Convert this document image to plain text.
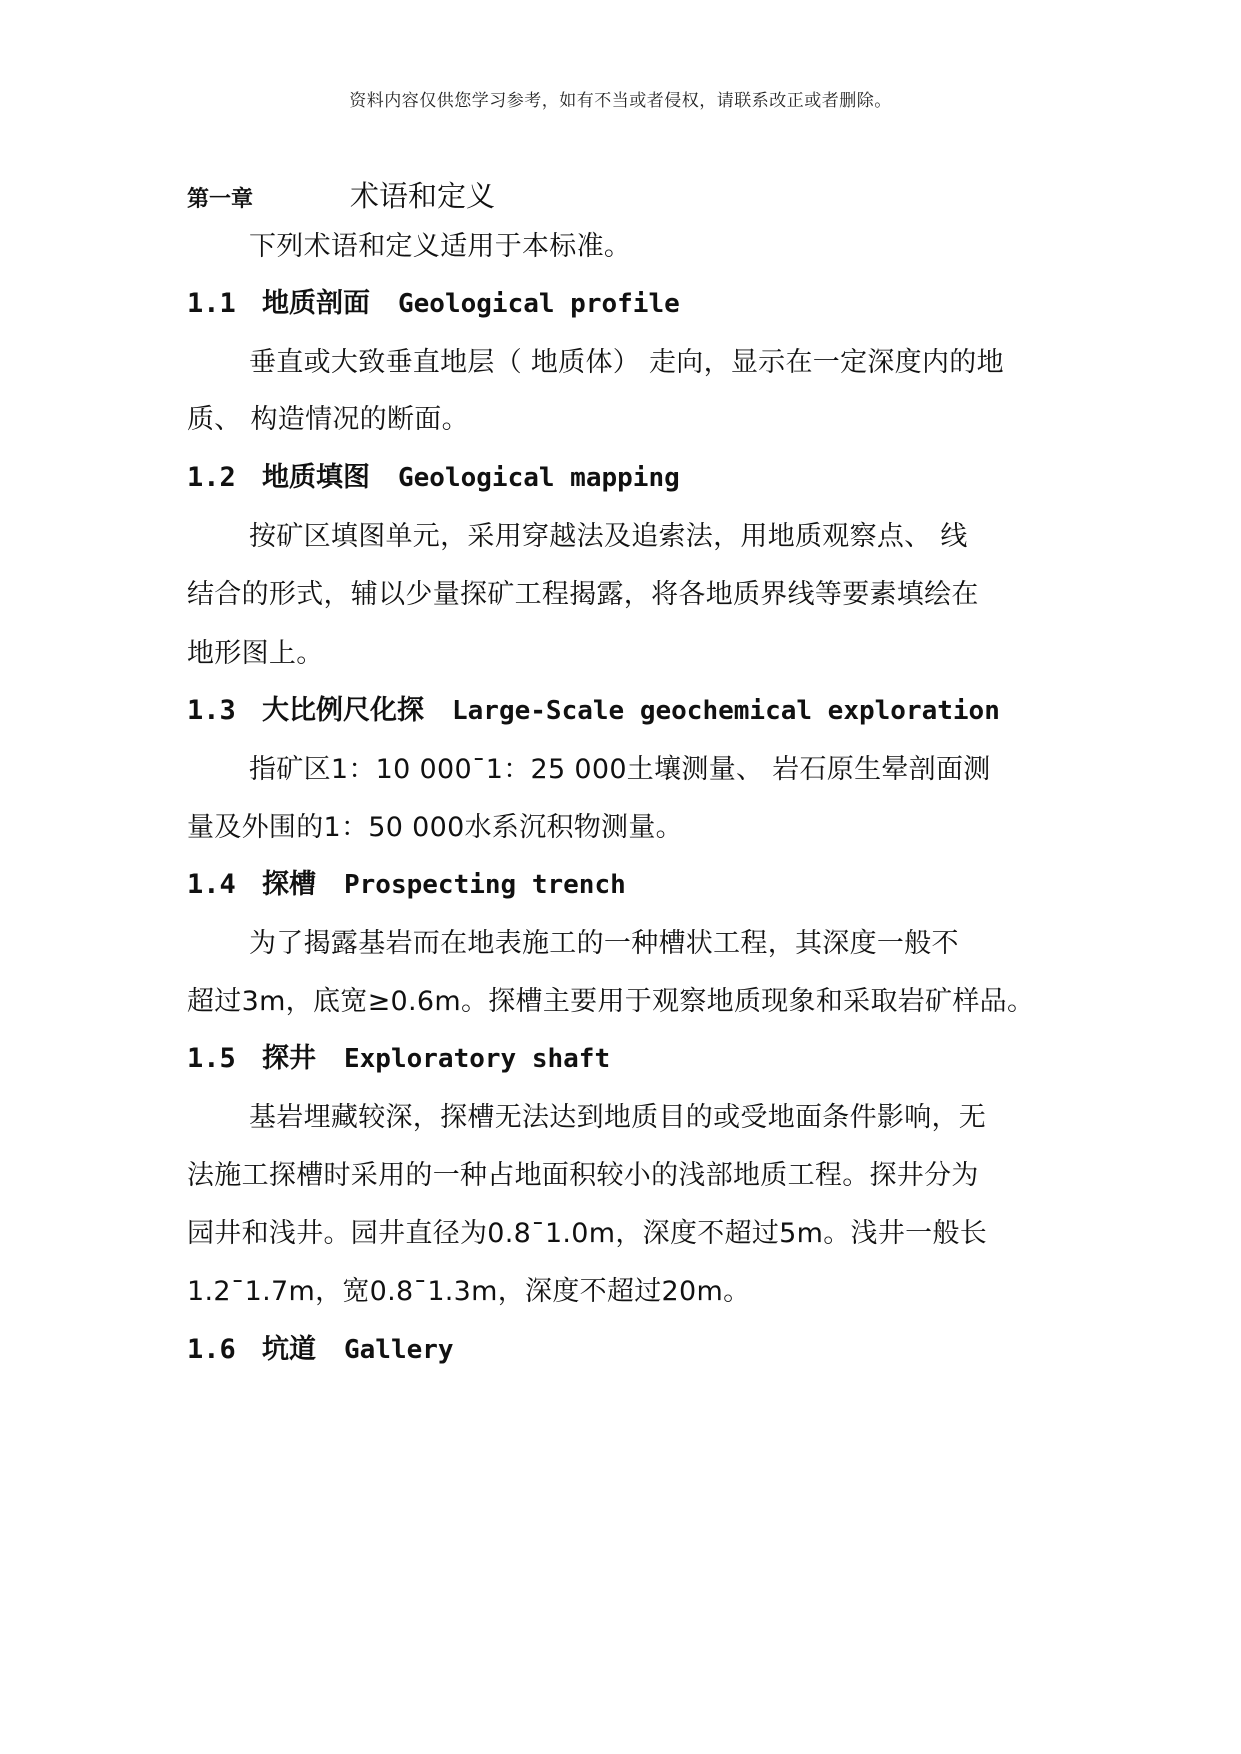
资料内容仅供您学习参考，如有不当或者侵权，请联系改正或者删除。
第一章	术语和定义
下列术语和定义适用于本标准。
1.1 地质剖面 Geological profile
垂直或大致垂直地层（ 地质体） 走向，显示在一定深度内的地
质、 构造情况的断面。
1.2 地质填图 Geological mapping
按矿区填图单元，采用穿越法及追索法，用地质观察点、 线
结合的形式，辅以少量探矿工程揭露，将各地质界线等要素填绘在
地形图上。
1.3 大比例尺化探 Large-Scale geochemical exploration
指矿区1：10 000¯1：25 000土壤测量、 岩石原生晕剖面测
量及外围的1：50 000水系沉积物测量。
1.4 探槽 Prospecting trench
为了揭露基岩而在地表施工的一种槽状工程，其深度一般不
超过3m，底宽≥0.6m。探槽主要用于观察地质现象和采取岩矿样品。
1.5 探井 Exploratory shaft
基岩埋藏较深，探槽无法达到地质目的或受地面条件影响，无
法施工探槽时采用的一种占地面积较小的浅部地质工程。探井分为
园井和浅井。园井直径为0.8¯1.0m，深度不超过5m。浅井一般长
1.2¯1.7m，宽0.8¯1.3m，深度不超过20m。
1.6 坑道 Gallery
